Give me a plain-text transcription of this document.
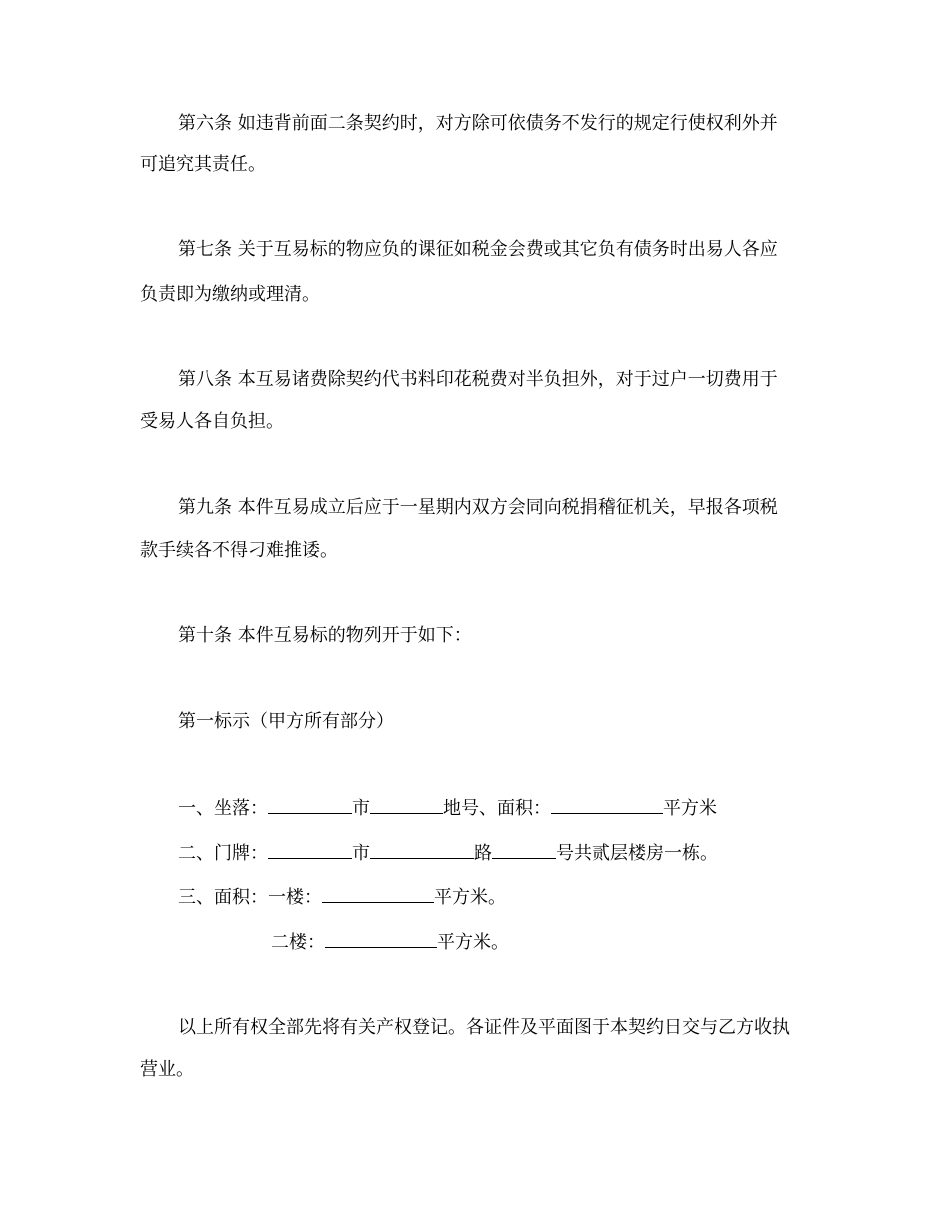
第六条 如违背前面二条契约时，对方除可依债务不发行的规定行使权利外并
可追究其责任。
第七条 关于互易标的物应负的课征如税金会费或其它负有债务时出易人各应
负责即为缴纳或理清。
第八条 本互易诸费除契约代书料印花税费对半负担外，对于过户一切费用于
受易人各自负担。
第九条 本件互易成立后应于一星期内双方会同向税捐稽征机关，早报各项税
款手续各不得刁难推诿。
第十条 本件互易标的物列开于如下：
第一标示（甲方所有部分）
一、坐落：	市	地号、面积：	平方米
二、门牌：	市	路	号共贰层楼房一栋。
三、面积：一楼：	平方米。
二楼：	平方米。
以上所有权全部先将有关产权登记。各证件及平面图于本契约日交与乙方收执
营业。
